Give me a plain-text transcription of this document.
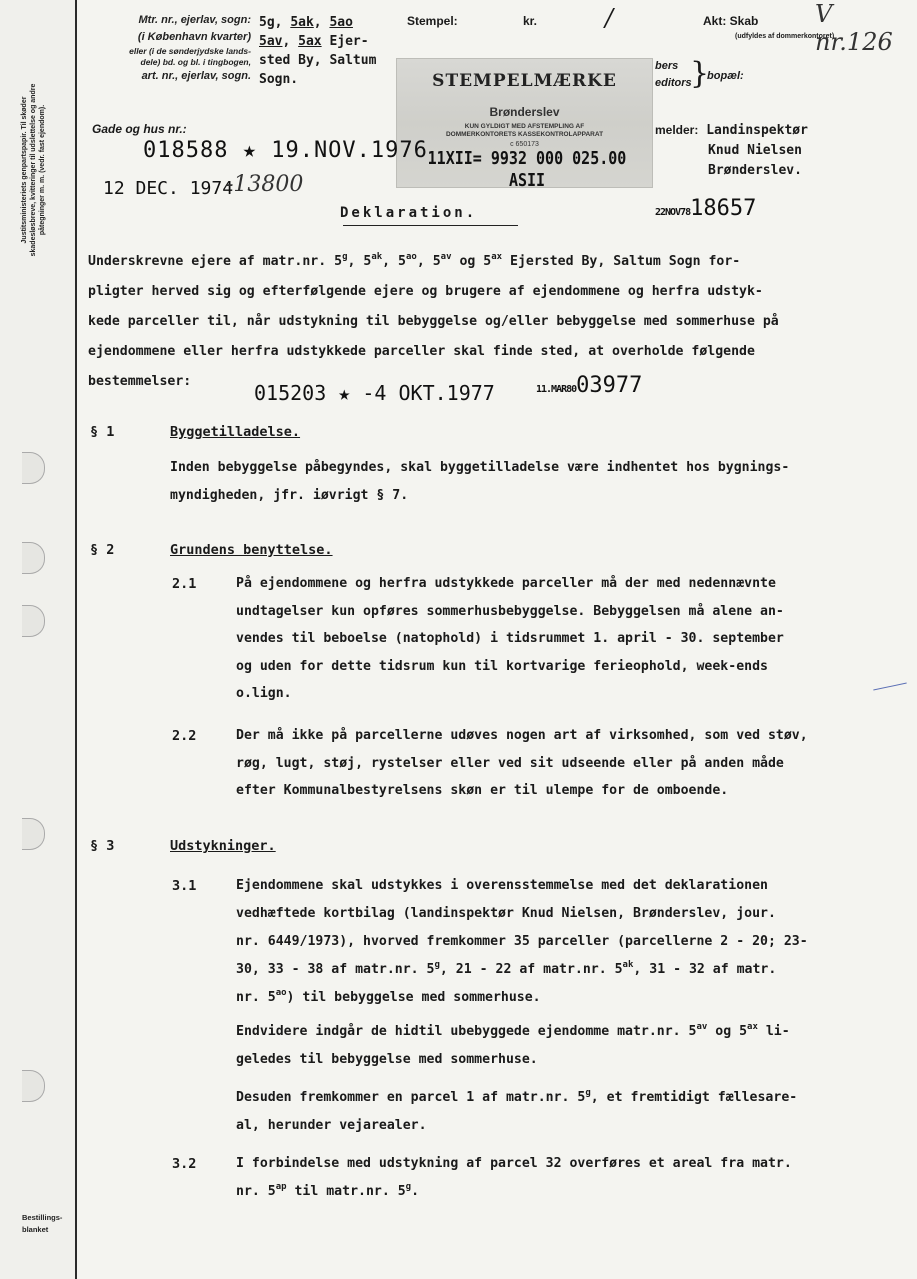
Justitsministeriets genpartspapir. Til skøder skadesløsbreve, kvitteringer til udslettelse og andre påtegninger m. m. (vedr. fast ejendom).
Bestillings-
blanket
Mtr. nr., ejerlav, sogn:
(i København kvarter)
eller (i de sønderjydske lands-
dele) bd. og bl. i tingbogen,
art. nr., ejerlav, sogn.
5g, 5ak, 5ao
5av, 5ax Ejer-
sted By, Saltum
Sogn.
Stempel:	kr.	/	Akt: Skab V nr.126
(udfyldes af dommerkontoret)
STEMPELMÆRKE
Brønderslev
KUN GYLDIGT MED AFSTEMPLING AF
DOMMERKONTORETS KASSEKONTROLAPPARAT
c 650173
11XII= 9932 000 025.00 ASII
bers
editors
}
bopæl:
Gade og hus nr.:
018588 ★ 19.NOV.1976
12 DEC. 1974
-13800
melder: Landinspektør
Knud Nielsen
Brønderslev.
22NOV7818657
Deklaration.
Underskrevne ejere af matr.nr. 5$^g$, $5^{ak}$, $5^{ao}$, $5^{av}$ og $5^{ax}$ Ejersted By, Saltum Sogn for-
pligter herved sig og efterfølgende ejere og brugere af ejendommene og herfra udstyk-
kede parceller til, når udstykning til bebyggelse og/eller bebyggelse med sommerhuse på
ejendommene eller herfra udstykkede parceller skal finde sted, at overholde følgende
bestemmelser:	015203 ★ -4 OKT.1977	11.MAR8003977
§ 1	Byggetilladelse.
Inden bebyggelse påbegyndes, skal byggetilladelse være indhentet hos bygnings-
myndigheden, jfr. iøvrigt § 7.
§ 2	Grundens benyttelse.
2.1	På ejendommene og herfra udstykkede parceller må der med nedennævnte
undtagelser kun opføres sommerhusbebyggelse. Bebyggelsen må alene an-
vendes til beboelse (natophold) i tidsrummet 1. april - 30. september
og uden for dette tidsrum kun til kortvarige ferieophold, week-ends
o.lign.
2.2	Der må ikke på parcellerne udøves nogen art af virksomhed, som ved støv,
røg, lugt, støj, rystelser eller ved sit udseende eller på anden måde
efter Kommunalbestyrelsens skøn er til ulempe for de omboende.
§ 3	Udstykninger.
3.1	Ejendommene skal udstykkes i overensstemmelse med det deklarationen
vedhæftede kortbilag (landinspektør Knud Nielsen, Brønderslev, jour.
nr. 6449/1973), hvorved fremkommer 35 parceller (parcellerne 2 - 20; 23-
30, 33 - 38 af matr.nr. 5$^g$, 21 - 22 af matr.nr. $5^{ak}$, 31 - 32 af matr.
nr. $5^{ao}$) til bebyggelse med sommerhuse.
Endvidere indgår de hidtil ubebyggede ejendomme matr.nr. $5^{av}$ og $5^{ax}$ li-
geledes til bebyggelse med sommerhuse.
Desuden fremkommer en parcel 1 af matr.nr. 5$^g$, et fremtidigt fællesare-
al, herunder vejarealer.
3.2	I forbindelse med udstykning af parcel 32 overføres et areal fra matr.
nr. $5^{ap}$ til matr.nr. 5$^g$.
